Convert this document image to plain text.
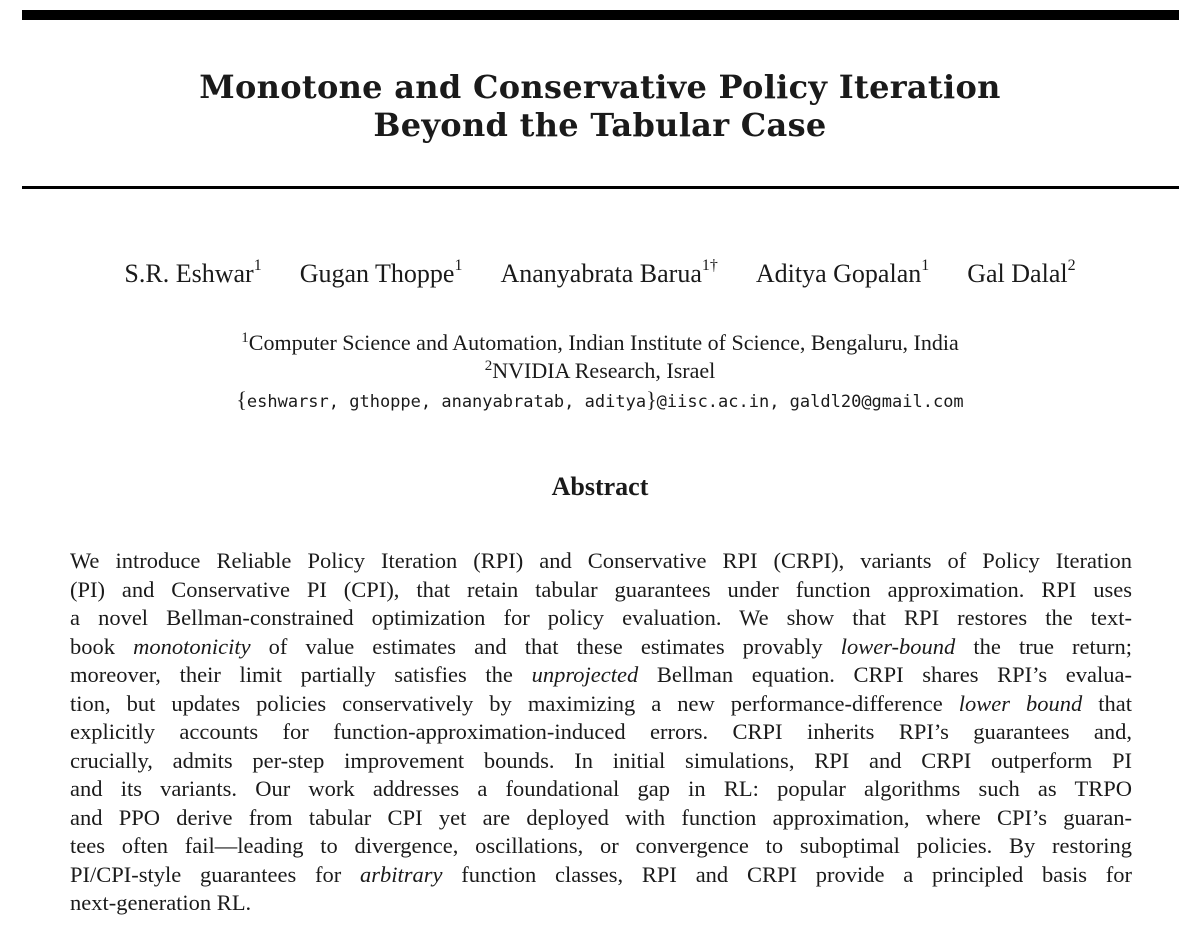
Monotone and Conservative Policy Iteration
Beyond the Tabular Case
S.R. Eshwar$^1$ Gugan Thoppe$^1$ Ananyabrata Barua$^{1\dagger}$ Aditya Gopalan$^1$ Gal Dalal$^2$
$^1$Computer Science and Automation, Indian Institute of Science, Bengaluru, India
$^2$NVIDIA Research, Israel
{eshwarsr, gthoppe, ananyabratab, aditya}@iisc.ac.in, galdl20@gmail.com
Abstract
We introduce Reliable Policy Iteration (RPI) and Conservative RPI (CRPI), variants of Policy Iteration
(PI) and Conservative PI (CPI), that retain tabular guarantees under function approximation. RPI uses
a novel Bellman-constrained optimization for policy evaluation. We show that RPI restores the text-
book monotonicity of value estimates and that these estimates provably lower-bound the true return;
moreover, their limit partially satisfies the unprojected Bellman equation. CRPI shares RPI’s evalua-
tion, but updates policies conservatively by maximizing a new performance-difference lower bound that
explicitly accounts for function-approximation-induced errors. CRPI inherits RPI’s guarantees and,
crucially, admits per-step improvement bounds. In initial simulations, RPI and CRPI outperform PI
and its variants. Our work addresses a foundational gap in RL: popular algorithms such as TRPO
and PPO derive from tabular CPI yet are deployed with function approximation, where CPI’s guaran-
tees often fail—leading to divergence, oscillations, or convergence to suboptimal policies. By restoring
PI/CPI-style guarantees for arbitrary function classes, RPI and CRPI provide a principled basis for
next-generation RL.
